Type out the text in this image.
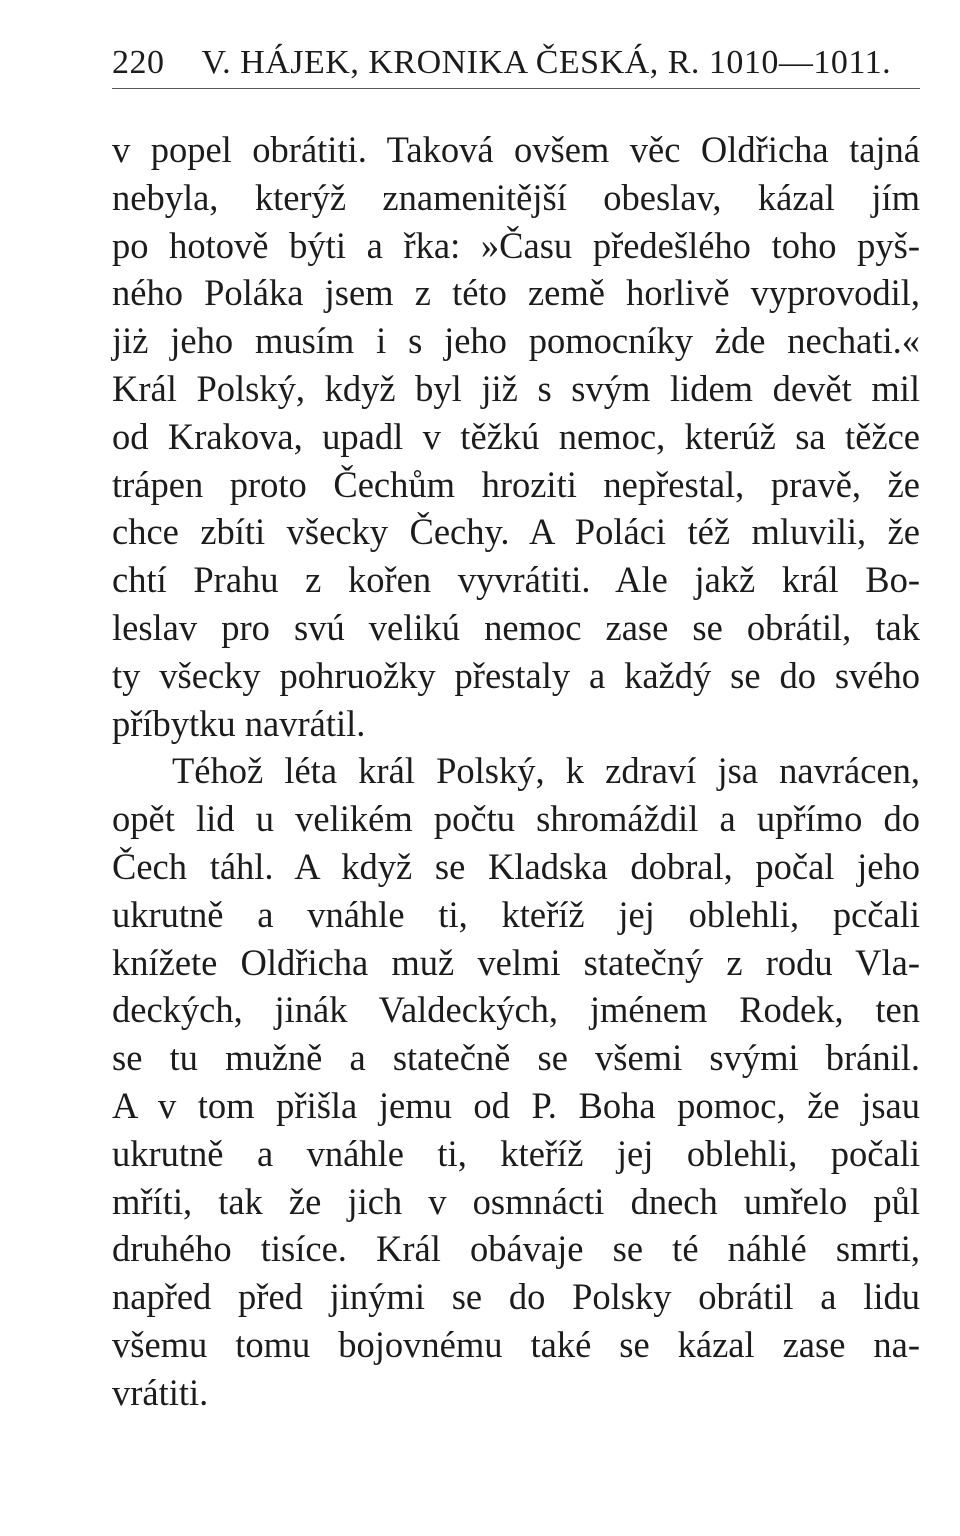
220 V. HÁJEK, KRONIKA ČESKÁ, R. 1010—1011.
v popel obrátiti. Taková ovšem věc Oldřicha tajná
nebyla, kterýž znamenitější obeslav, kázal jím
po hotově býti a řka: »Času předešlého toho pyš-
ného Poláka jsem z této země horlivě vyprovodil,
jiż jeho musím i s jeho pomocníky żde nechati.«
Král Polský, když byl již s svým lidem devět mil
od Krakova, upadl v těžkú nemoc, kterúž sa těžce
trápen proto Čechům hroziti nepřestal, pravě, že
chce zbíti všecky Čechy. A Poláci též mluvili, že
chtí Prahu z kořen vyvrátiti. Ale jakž král Bo-
leslav pro svú velikú nemoc zase se obrátil, tak
ty všecky pohruožky přestaly a každý se do svého
příbytku navrátil.
Téhož léta král Polský, k zdraví jsa navrácen,
opět lid u velikém počtu shromáždil a upřímo do
Čech táhl. A když se Kladska dobral, počal jeho
ukrutně a vnáhle ti, kteříž jej oblehli, pcčali
knížete Oldřicha muž velmi statečný z rodu Vla-
deckých, jinák Valdeckých, jménem Rodek, ten
se tu mužně a statečně se všemi svými bránil.
A v tom přišla jemu od P. Boha pomoc, že jsau
ukrutně a vnáhle ti, kteříž jej oblehli, počali
mříti, tak že jich v osmnácti dnech umřelo půl
druhého tisíce. Král obávaje se té náhlé smrti,
napřed před jinými se do Polsky obrátil a lidu
všemu tomu bojovnému také se kázal zase na-
vrátiti.
